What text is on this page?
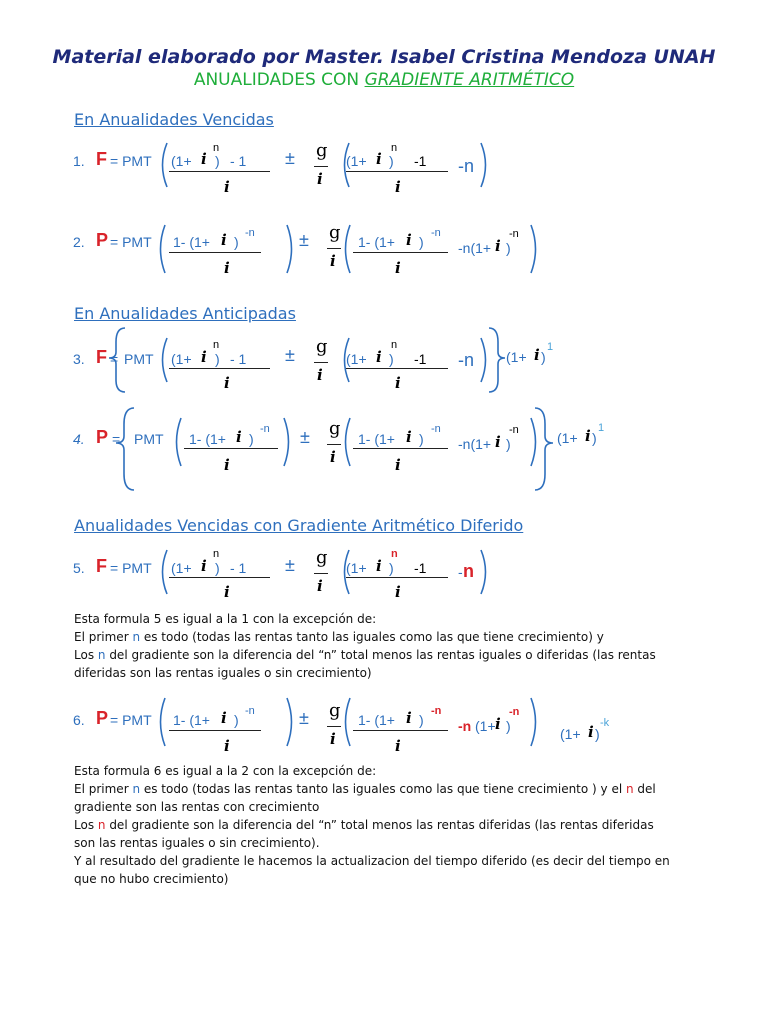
Material elaborado por Master. Isabel Cristina Mendoza UNAH
ANUALIDADES CON GRADIENTE ARITMÉTICO
En Anualidades Vencidas
En Anualidades Anticipadas
Anualidades Vencidas con Gradiente Aritmético Diferido
1. F = PMT (1+ i )
n
- 1
i
± g
i
(1+ i )
n
-1
i
-n
2. P = PMT 1- (1+ i )
-n
i
± g
i
1- (1+ i )
-n
i
-n(1+ i )
-n
3. F = PMT (1+ i )
n
- 1
i
± g
i
(1+ i )
n
-1
i
-n (1+ i )
1
4. P = PMT 1- (1+ i )
-n
i
± g
i
1- (1+ i )
-n
i
-n(1+ i )
-n	(1+ i )
1
5. F = PMT (1+ i )
n
- 1
i
± g
i
(1+ i )
n
-1
i
- n
Esta formula 5 es igual a la 1 con la excepción de:
El primer n es todo (todas las rentas tanto las iguales como las que tiene crecimiento) y
Los n del gradiente son la diferencia del “n” total menos las rentas iguales o diferidas (las rentas
diferidas son las rentas iguales o sin crecimiento)
6. P = PMT 1- (1+ i )
-n
i
± g
i
1- (1+ i )
-n
i
-n (1+ i )
-n
(1+ i )
-k
Esta formula 6 es igual a la 2 con la excepción de:
El primer n es todo (todas las rentas tanto las iguales como las que tiene crecimiento ) y el n del
gradiente son las rentas con crecimiento
Los n del gradiente son la diferencia del “n” total menos las rentas diferidas (las rentas diferidas
son las rentas iguales o sin crecimiento).
Y al resultado del gradiente le hacemos la actualizacion del tiempo diferido (es decir del tiempo en
que no hubo crecimiento)
